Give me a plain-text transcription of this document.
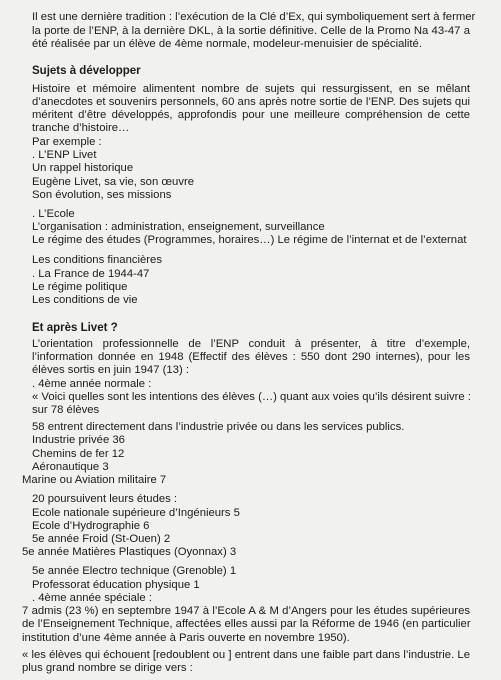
Il est une dernière tradition : l’exécution de la Clé d’Ex, qui symboliquement sert à fermer
la porte de l’ENP, à la dernière DKL, à la sortie définitive. Celle de la Promo Na 43-47 a
été réalisée par un élève de 4ème normale, modeleur-menuisier de spécialité.
Sujets à développer
Histoire et mémoire alimentent nombre de sujets qui ressurgissent, en se mêlant
d’anecdotes et souvenirs personnels, 60 ans après notre sortie de l’ENP. Des sujets qui
méritent d’être développés, approfondis pour une meilleure compréhension de cette
tranche d’histoire…
Par exemple :
. L’ENP Livet
Un rappel historique
Eugène Livet, sa vie, son œuvre
Son évolution, ses missions
. L’Ecole
L’organisation : administration, enseignement, surveillance
Le régime des études (Programmes, horaires…) Le régime de l’internat et de l’externat
Les conditions financières
. La France de 1944-47
Le régime politique
Les conditions de vie
Et après Livet ?
L’orientation professionnelle de l’ENP conduit à présenter, à titre d’exemple,
l’information donnée en 1948 (Effectif des élèves : 550 dont 290 internes), pour les
élèves sortis en juin 1947 (13) :
. 4ème année normale :
« Voici quelles sont les intentions des élèves (…) quant aux voies qu’ils désirent suivre :
sur 78 élèves
58 entrent directement dans l’industrie privée ou dans les services publics.
Industrie privée 36
Chemins de fer 12
Aéronautique 3
Marine ou Aviation militaire 7
20 poursuivent leurs études :
Ecole nationale supérieure d’Ingénieurs 5
Ecole d’Hydrographie 6
5e année Froid (St-Ouen) 2
5e année Matières Plastiques (Oyonnax) 3
5e année Electro technique (Grenoble) 1
Professorat éducation physique 1
. 4ème année spéciale :
7 admis (23 %) en septembre 1947 à l’Ecole A & M d’Angers pour les études supérieures
de l’Enseignement Technique, affectées elles aussi par la Réforme de 1946 (en particulier
institution d’une 4ème année à Paris ouverte en novembre 1950).
« les élèves qui échouent [redoublent ou ] entrent dans une faible part dans l’industrie. Le
plus grand nombre se dirige vers :
